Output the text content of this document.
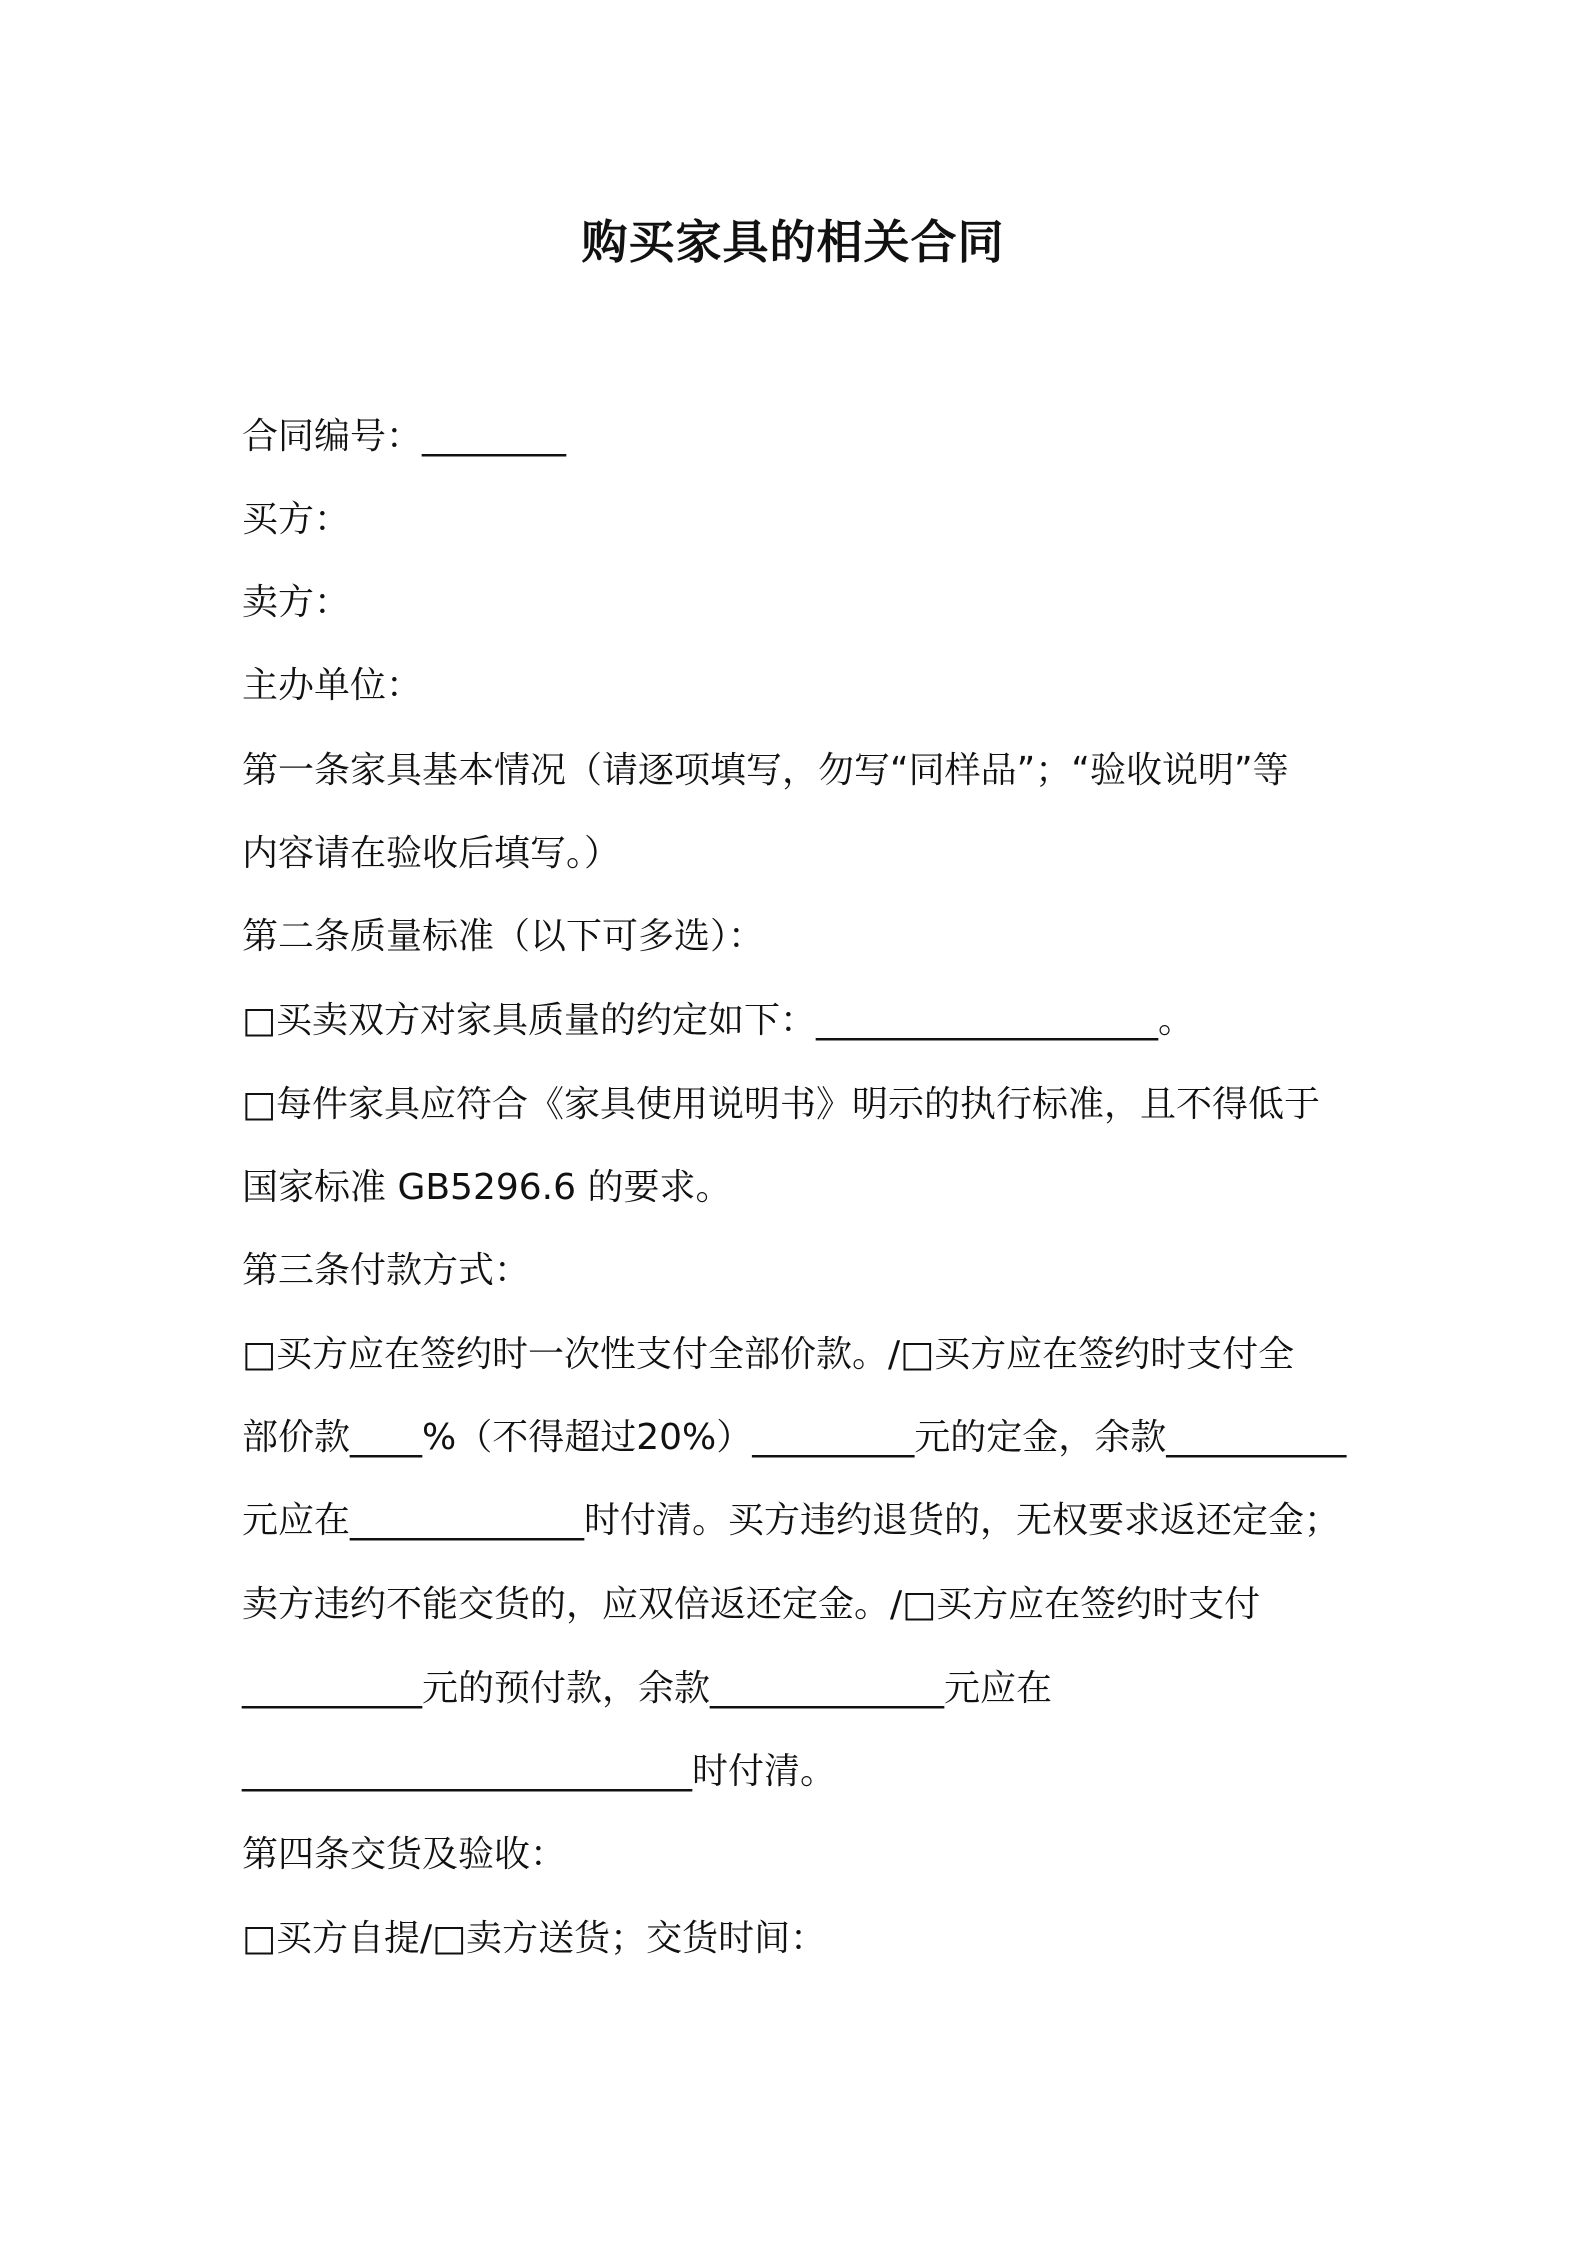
购买家具的相关合同
合同编号：________
买方：
卖方：
主办单位：
第一条家具基本情况（请逐项填写，勿写“同样品”；“验收说明”等
内容请在验收后填写。）
第二条质量标准（以下可多选）：
□买卖双方对家具质量的约定如下：___________________。
□每件家具应符合《家具使用说明书》明示的执行标准，且不得低于
国家标准 GB5296.6 的要求。
第三条付款方式：
□买方应在签约时一次性支付全部价款。/□买方应在签约时支付全
部价款____%（不得超过20%）_________元的定金，余款__________
元应在_____________时付清。买方违约退货的，无权要求返还定金；
卖方违约不能交货的，应双倍返还定金。/□买方应在签约时支付
__________元的预付款，余款_____________元应在
_________________________时付清。
第四条交货及验收：
□买方自提/□卖方送货；交货时间：
